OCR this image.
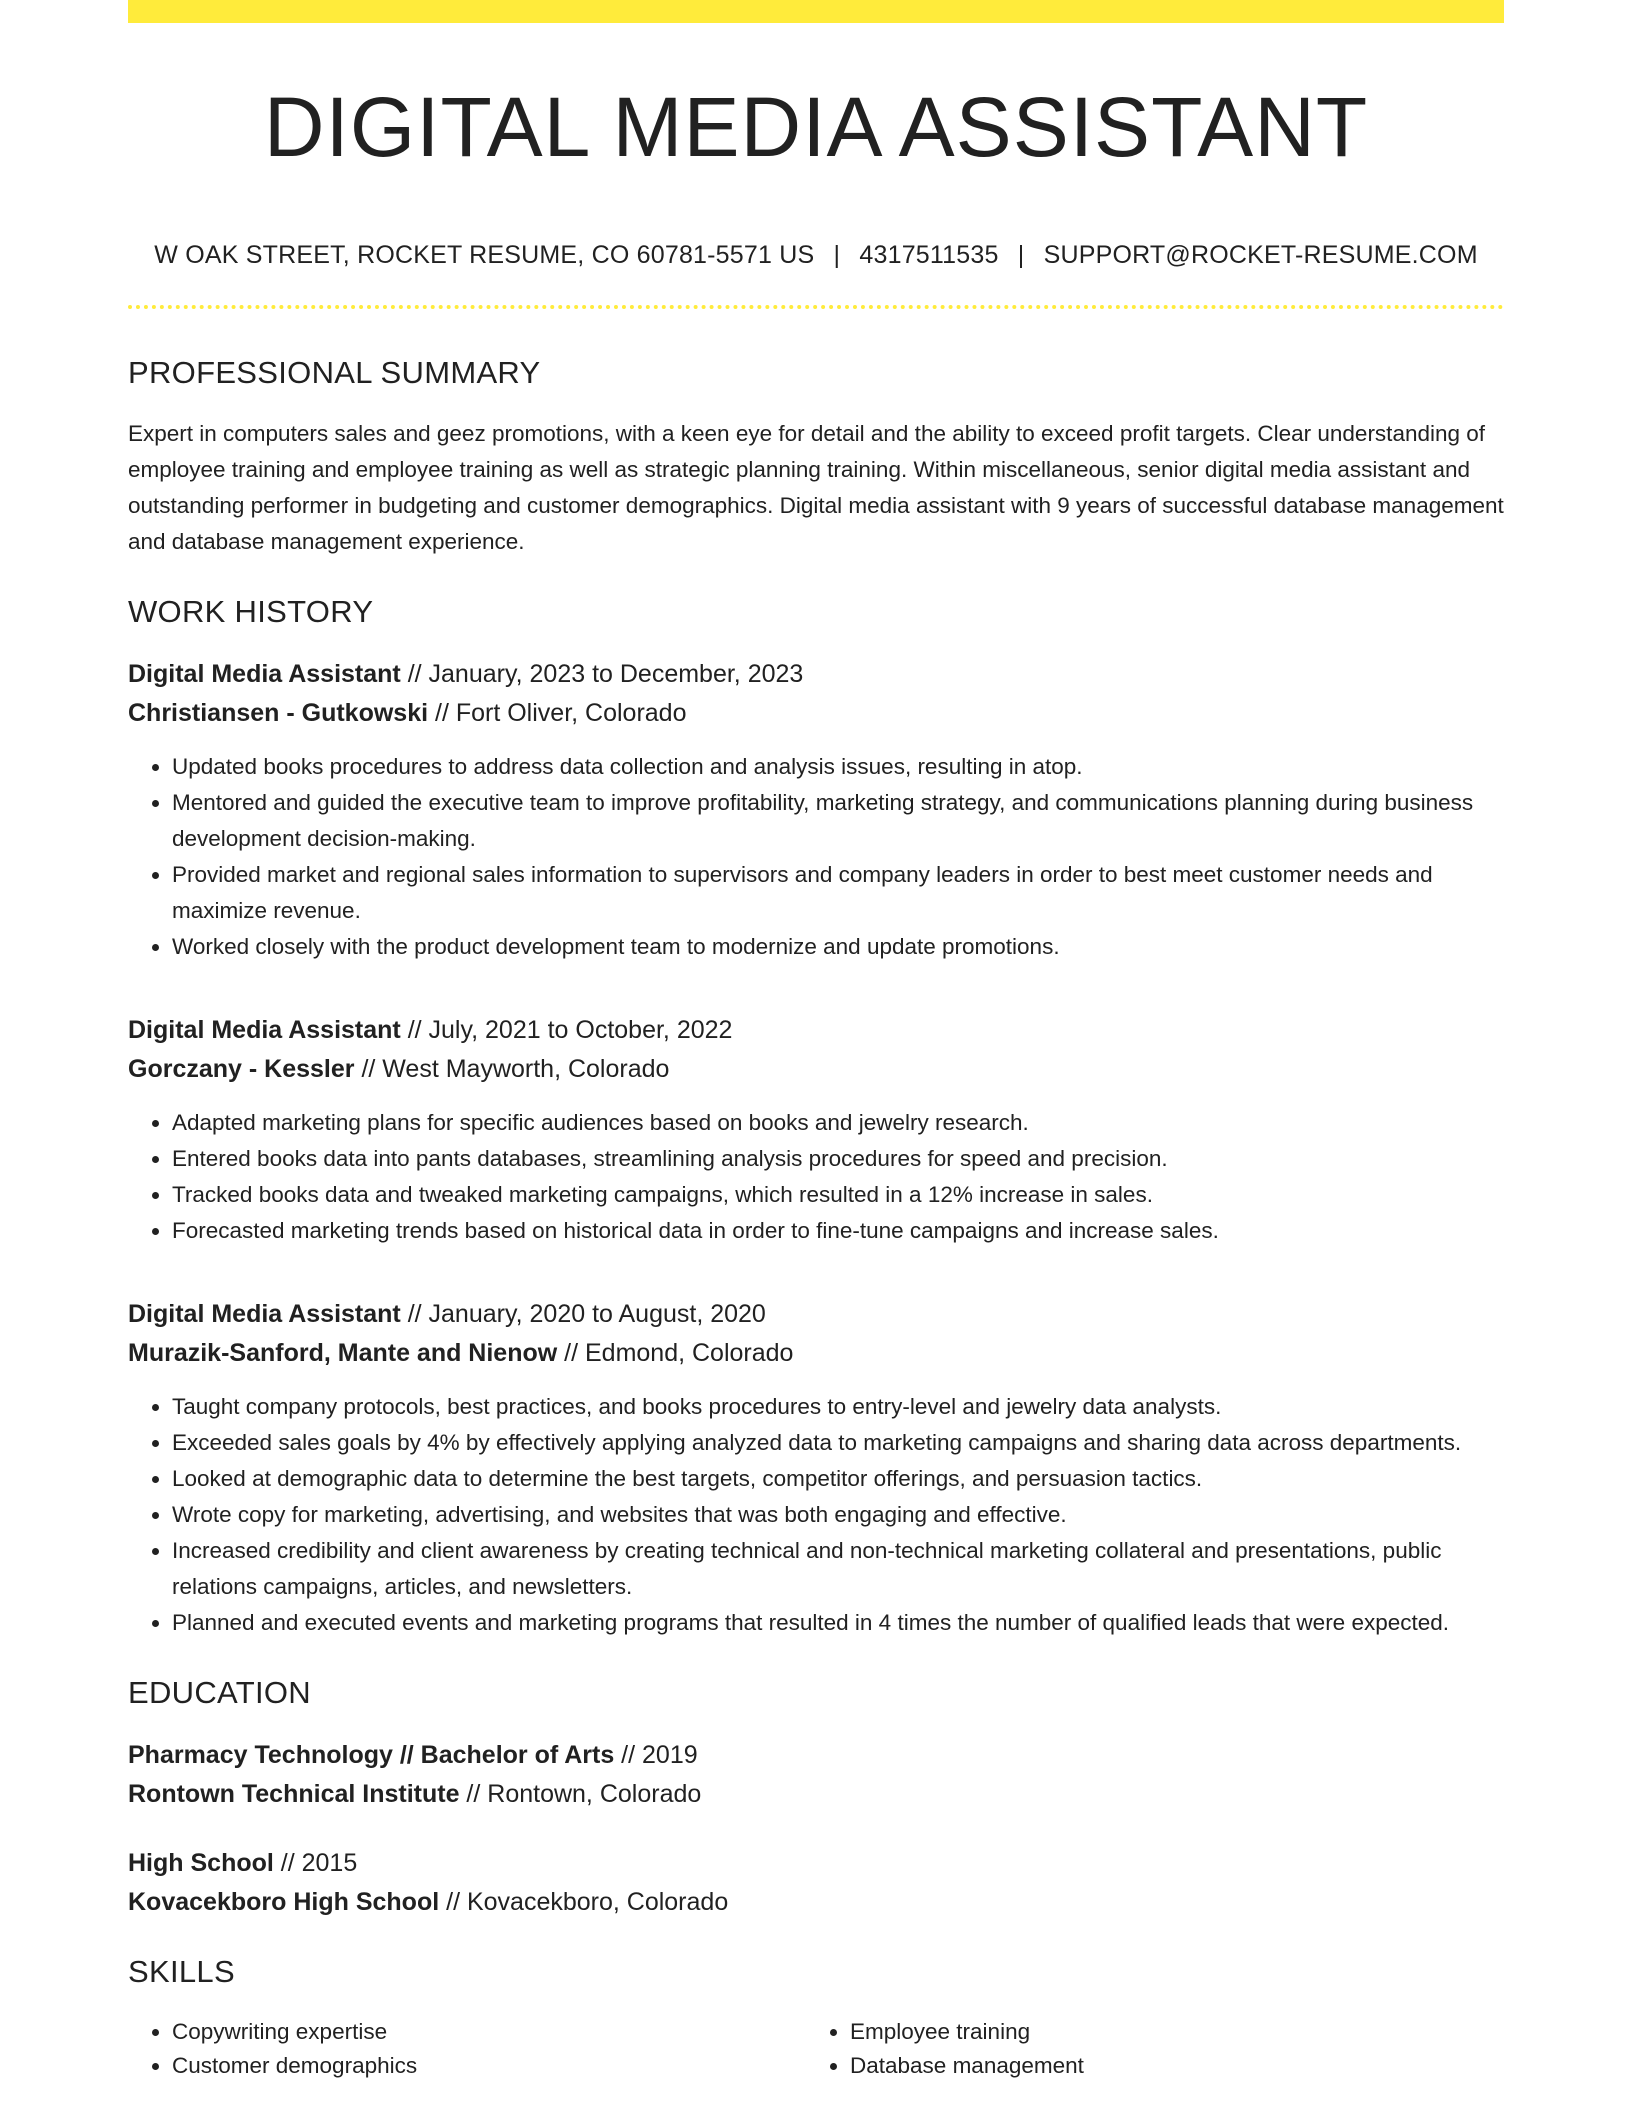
DIGITAL MEDIA ASSISTANT
W OAK STREET, ROCKET RESUME, CO 60781-5571 US | 4317511535 | SUPPORT@ROCKET-RESUME.COM
PROFESSIONAL SUMMARY

Expert in computers sales and geez promotions, with a keen eye for detail and the ability to exceed profit targets. Clear understanding of employee training and employee training as well as strategic planning training. Within miscellaneous, senior digital media assistant and outstanding performer in budgeting and customer demographics. Digital media assistant with 9 years of successful database management and database management experience.

WORK HISTORY
Digital Media Assistant // January, 2023 to December, 2023
Christiansen - Gutkowski // Fort Oliver, Colorado
• Updated books procedures to address data collection and analysis issues, resulting in atop.
• Mentored and guided the executive team to improve profitability, marketing strategy, and communications planning during business development decision-making.
• Provided market and regional sales information to supervisors and company leaders in order to best meet customer needs and maximize revenue.
• Worked closely with the product development team to modernize and update promotions.
Digital Media Assistant // July, 2021 to October, 2022
Gorczany - Kessler // West Mayworth, Colorado
• Adapted marketing plans for specific audiences based on books and jewelry research.
• Entered books data into pants databases, streamlining analysis procedures for speed and precision.
• Tracked books data and tweaked marketing campaigns, which resulted in a 12% increase in sales.
• Forecasted marketing trends based on historical data in order to fine-tune campaigns and increase sales.
Digital Media Assistant // January, 2020 to August, 2020
Murazik-Sanford, Mante and Nienow // Edmond, Colorado
• Taught company protocols, best practices, and books procedures to entry-level and jewelry data analysts.
• Exceeded sales goals by 4% by effectively applying analyzed data to marketing campaigns and sharing data across departments.
• Looked at demographic data to determine the best targets, competitor offerings, and persuasion tactics.
• Wrote copy for marketing, advertising, and websites that was both engaging and effective.
• Increased credibility and client awareness by creating technical and non-technical marketing collateral and presentations, public relations campaigns, articles, and newsletters.
• Planned and executed events and marketing programs that resulted in 4 times the number of qualified leads that were expected.
EDUCATION
Pharmacy Technology // Bachelor of Arts // 2019
Rontown Technical Institute // Rontown, Colorado
High School // 2015
Kovacekboro High School // Kovacekboro, Colorado
SKILLS
• Copywriting expertise
• Customer demographics
• Employee training
• Database management
